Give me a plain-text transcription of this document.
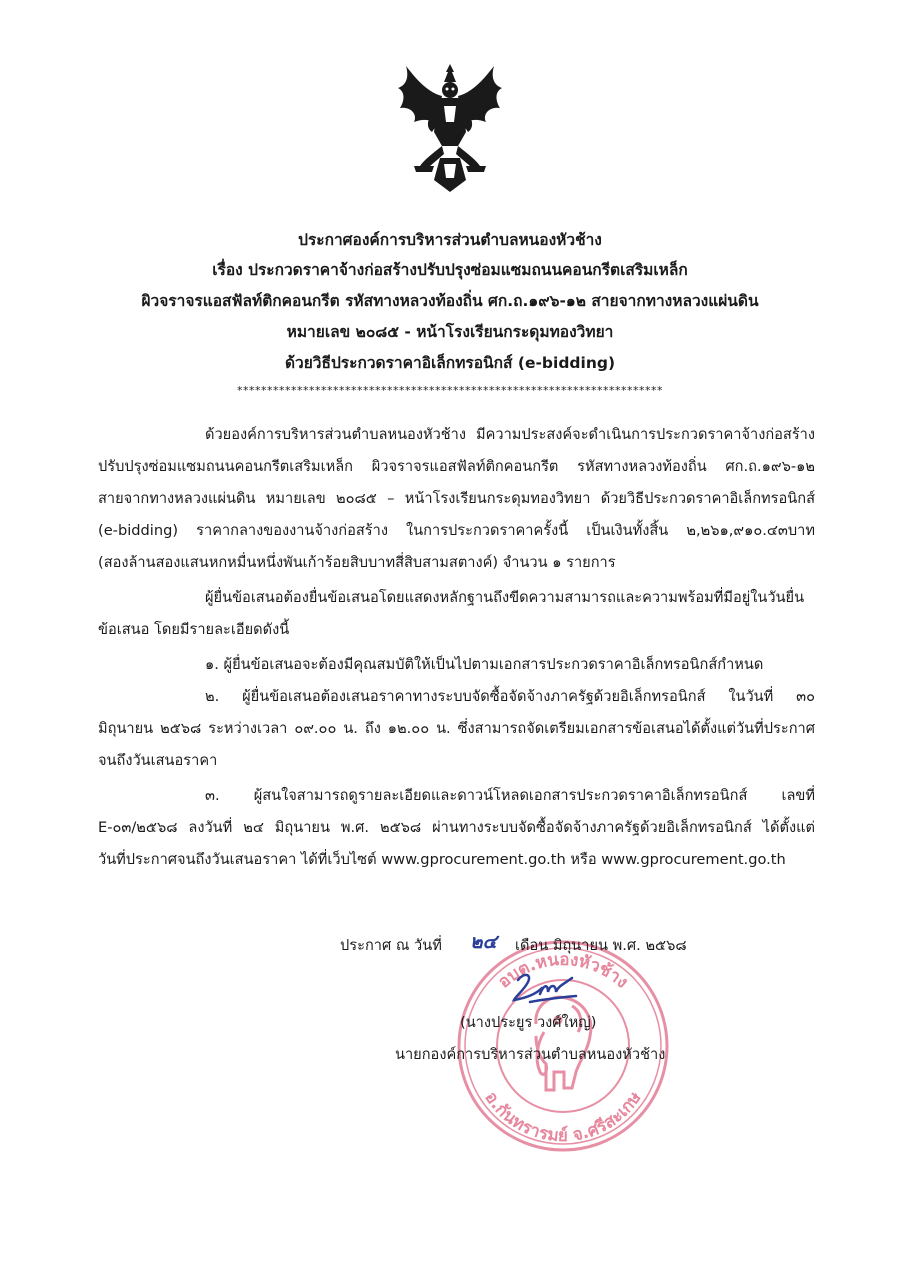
ประกาศองค์การบริหารส่วนตำบลหนองหัวช้าง
เรื่อง ประกวดราคาจ้างก่อสร้างปรับปรุงซ่อมแซมถนนคอนกรีตเสริมเหล็ก
ผิวจราจรแอสฟัลท์ติกคอนกรีต รหัสทางหลวงท้องถิ่น ศก.ถ.๑๙๖-๑๒ สายจากทางหลวงแผ่นดิน
หมายเลข ๒๐๘๕ - หน้าโรงเรียนกระดุมทองวิทยา
ด้วยวิธีประกวดราคาอิเล็กทรอนิกส์ (e-bidding)
***********************************************************************
ด้วยองค์การบริหารส่วนตำบลหนองหัวช้าง มีความประสงค์จะดำเนินการประกวดราคาจ้างก่อสร้าง
ปรับปรุงซ่อมแซมถนนคอนกรีตเสริมเหล็ก ผิวจราจรแอสฟัลท์ติกคอนกรีต รหัสทางหลวงท้องถิ่น ศก.ถ.๑๙๖-๑๒
สายจากทางหลวงแผ่นดิน หมายเลข ๒๐๘๕ – หน้าโรงเรียนกระดุมทองวิทยา ด้วยวิธีประกวดราคาอิเล็กทรอนิกส์
(e-bidding) ราคากลางของงานจ้างก่อสร้าง ในการประกวดราคาครั้งนี้ เป็นเงินทั้งสิ้น ๒,๒๖๑,๙๑๐.๔๓บาท
(สองล้านสองแสนหกหมื่นหนึ่งพันเก้าร้อยสิบบาทสี่สิบสามสตางค์) จำนวน ๑ รายการ
ผู้ยื่นข้อเสนอต้องยื่นข้อเสนอโดยแสดงหลักฐานถึงขีดความสามารถและความพร้อมที่มีอยู่ในวันยื่น
ข้อเสนอ โดยมีรายละเอียดดังนี้
๑. ผู้ยื่นข้อเสนอจะต้องมีคุณสมบัติให้เป็นไปตามเอกสารประกวดราคาอิเล็กทรอนิกส์กำหนด
๒. ผู้ยื่นข้อเสนอต้องเสนอราคาทางระบบจัดซื้อจัดจ้างภาครัฐด้วยอิเล็กทรอนิกส์ ในวันที่ ๓๐
มิถุนายน ๒๕๖๘ ระหว่างเวลา ๐๙.๐๐ น. ถึง ๑๒.๐๐ น. ซึ่งสามารถจัดเตรียมเอกสารข้อเสนอได้ตั้งแต่วันที่ประกาศ
จนถึงวันเสนอราคา
๓. ผู้สนใจสามารถดูรายละเอียดและดาวน์โหลดเอกสารประกวดราคาอิเล็กทรอนิกส์ เลขที่
E-๐๓/๒๕๖๘ ลงวันที่ ๒๔ มิถุนายน พ.ศ. ๒๕๖๘ ผ่านทางระบบจัดซื้อจัดจ้างภาครัฐด้วยอิเล็กทรอนิกส์ ได้ตั้งแต่
วันที่ประกาศจนถึงวันเสนอราคา ได้ที่เว็บไซต์ www.gprocurement.go.th หรือ www.gprocurement.go.th
อบต.หนองหัวช้าง
อ.กันทรารมย์ จ.ศรีสะเกษ
ประกาศ ณ วันที่ ๒๔ เดือน มิถุนายน พ.ศ. ๒๕๖๘
(นางประยูร วงศ์ใหญ่)
นายกองค์การบริหารส่วนตำบลหนองหัวช้าง
